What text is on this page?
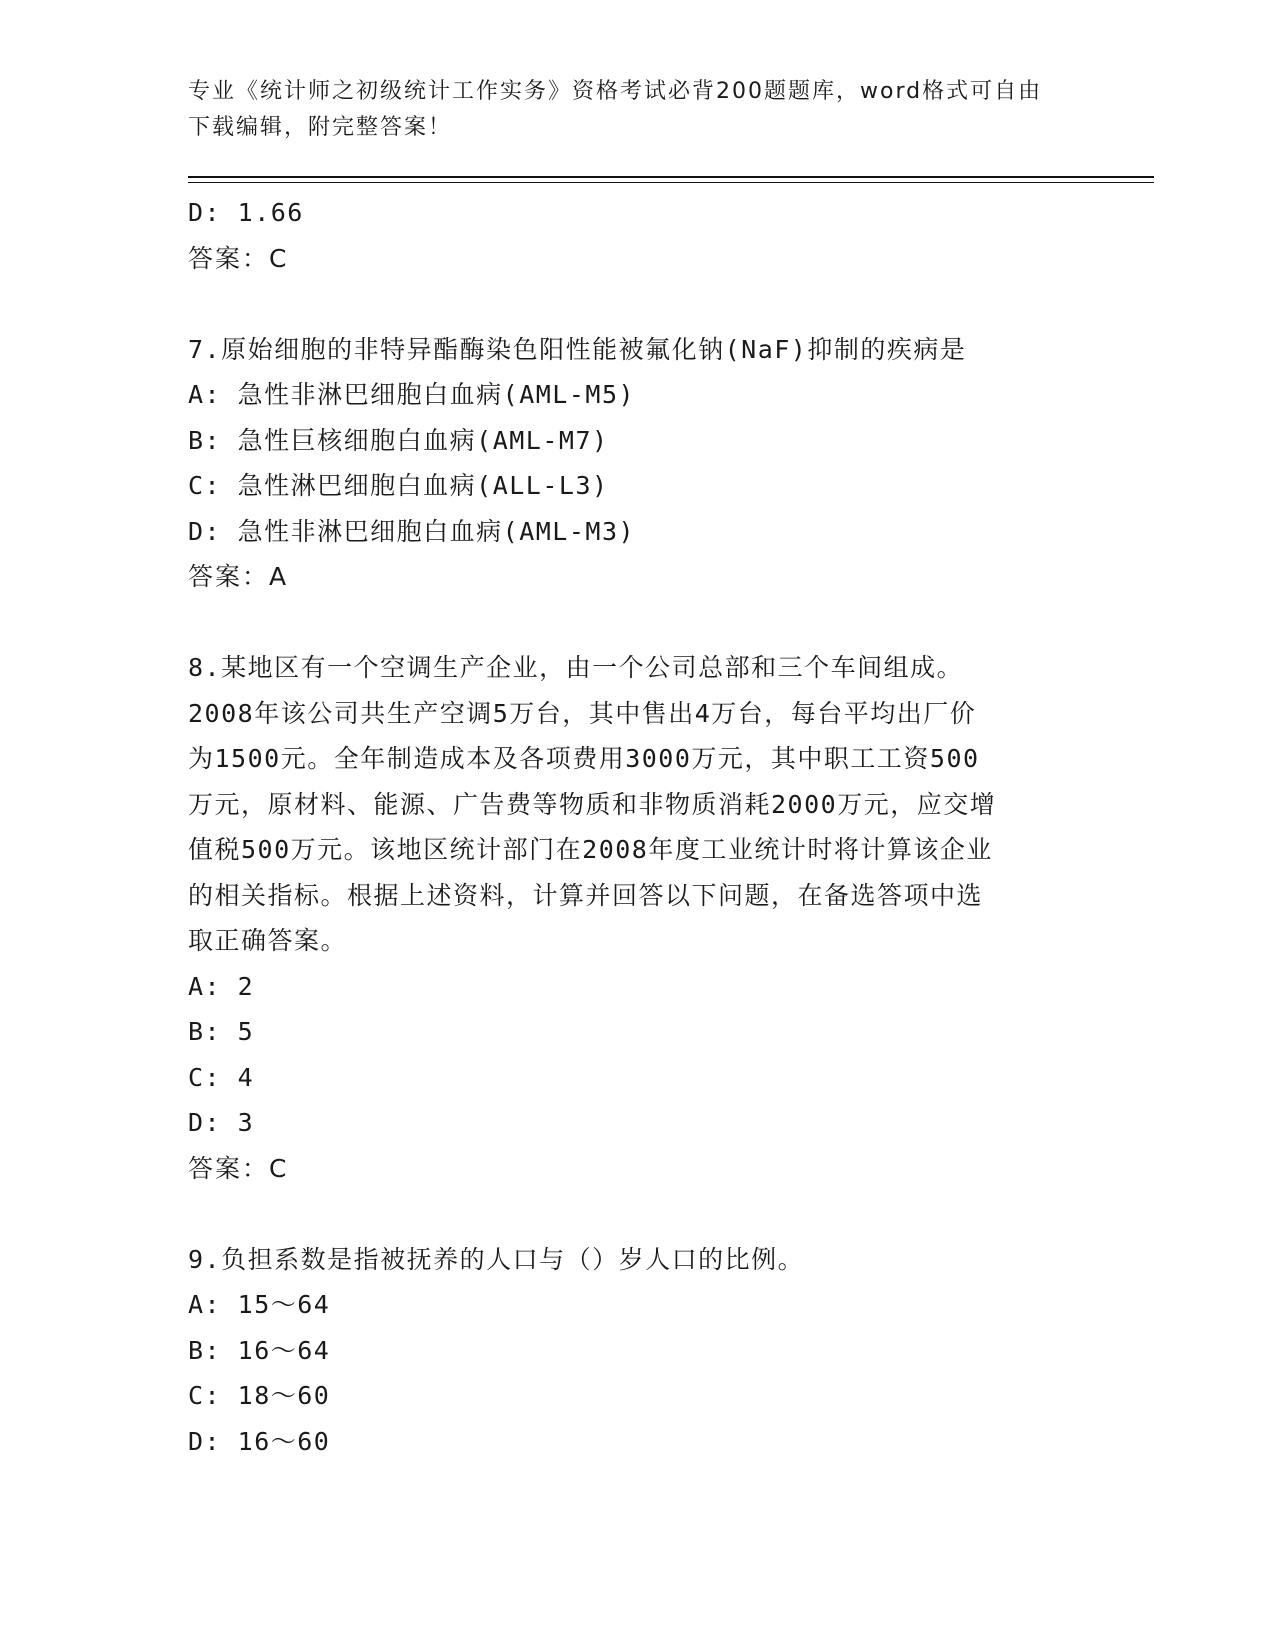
专业《统计师之初级统计工作实务》资格考试必背200题题库，word格式可自由
下载编辑，附完整答案！
D: 1.66
答案：C
7.原始细胞的非特异酯酶染色阳性能被氟化钠(NaF)抑制的疾病是
A: 急性非淋巴细胞白血病(AML-M5)
B: 急性巨核细胞白血病(AML-M7)
C: 急性淋巴细胞白血病(ALL-L3)
D: 急性非淋巴细胞白血病(AML-M3)
答案：A
8.某地区有一个空调生产企业，由一个公司总部和三个车间组成。
2008年该公司共生产空调5万台，其中售出4万台，每台平均出厂价
为1500元。全年制造成本及各项费用3000万元，其中职工工资500
万元，原材料、能源、广告费等物质和非物质消耗2000万元，应交增
值税500万元。该地区统计部门在2008年度工业统计时将计算该企业
的相关指标。根据上述资料，计算并回答以下问题，在备选答项中选
取正确答案。
A: 2
B: 5
C: 4
D: 3
答案：C
9.负担系数是指被抚养的人口与（）岁人口的比例。
A: 15～64
B: 16～64
C: 18～60
D: 16～60
